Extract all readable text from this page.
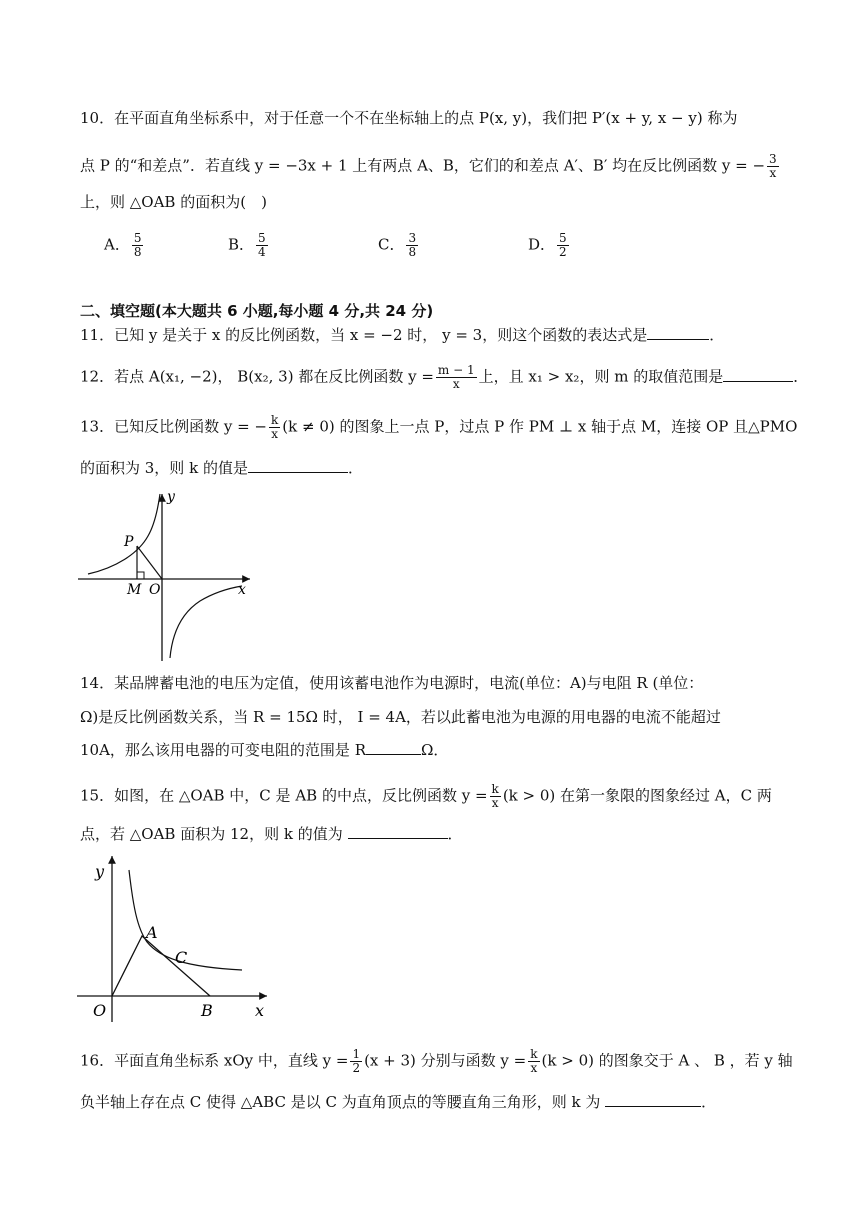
10．在平面直角坐标系中，对于任意一个不在坐标轴上的点 P(x, y)，我们把 P′(x + y, x − y) 称为
点 P 的“和差点”．若直线 y = −3x + 1 上有两点 A、B，它们的和差点 A′、B′ 均在反比例函数 y = − $\frac{3}{x}$
上，则 △OAB 的面积为(　)
A． $\frac{5}{8}$	B． $\frac{5}{4}$	C． $\frac{3}{8}$	D． $\frac{5}{2}$
二、填空题(本大题共 6 小题,每小题 4 分,共 24 分)
11．已知 y 是关于 x 的反比例函数，当 x = −2 时， y = 3，则这个函数的表达式是	．
12．若点 A(x₁, −2)， B(x₂, 3) 都在反比例函数 $y = \frac{m - 1}{x}$ 上，且 x₁ > x₂，则 m 的取值范围是	．
13．已知反比例函数 y = − $\frac{k}{x} (k \ne 0)$ 的图象上一点 P，过点 P 作 PM ⊥ x 轴于点 M，连接 OP 且△PMO
的面积为 3，则 k 的值是	．
y
x
P
M O
14．某品牌蓄电池的电压为定值，使用该蓄电池作为电源时，电流(单位：A)与电阻 R (单位：
Ω)是反比例函数关系，当 R = 15Ω 时， I = 4A，若以此蓄电池为电源的用电器的电流不能超过
10A，那么该用电器的可变电阻的范围是 R	Ω．
15．如图，在 △OAB 中，C 是 AB 的中点，反比例函数 $y = \frac{k}{x} (k > 0)$ 在第一象限的图象经过 A，C 两
点，若 △OAB 面积为 12，则 k 的值为	．
y
x
A
C
O	B
16．平面直角坐标系 xOy 中，直线 $y = \frac{1}{2} (x + 3)$ 分别与函数 $y = \frac{k}{x} (k > 0)$ 的图象交于 A 、 B ，若 y 轴
负半轴上存在点 C 使得 △ABC 是以 C 为直角顶点的等腰直角三角形，则 k 为	．
